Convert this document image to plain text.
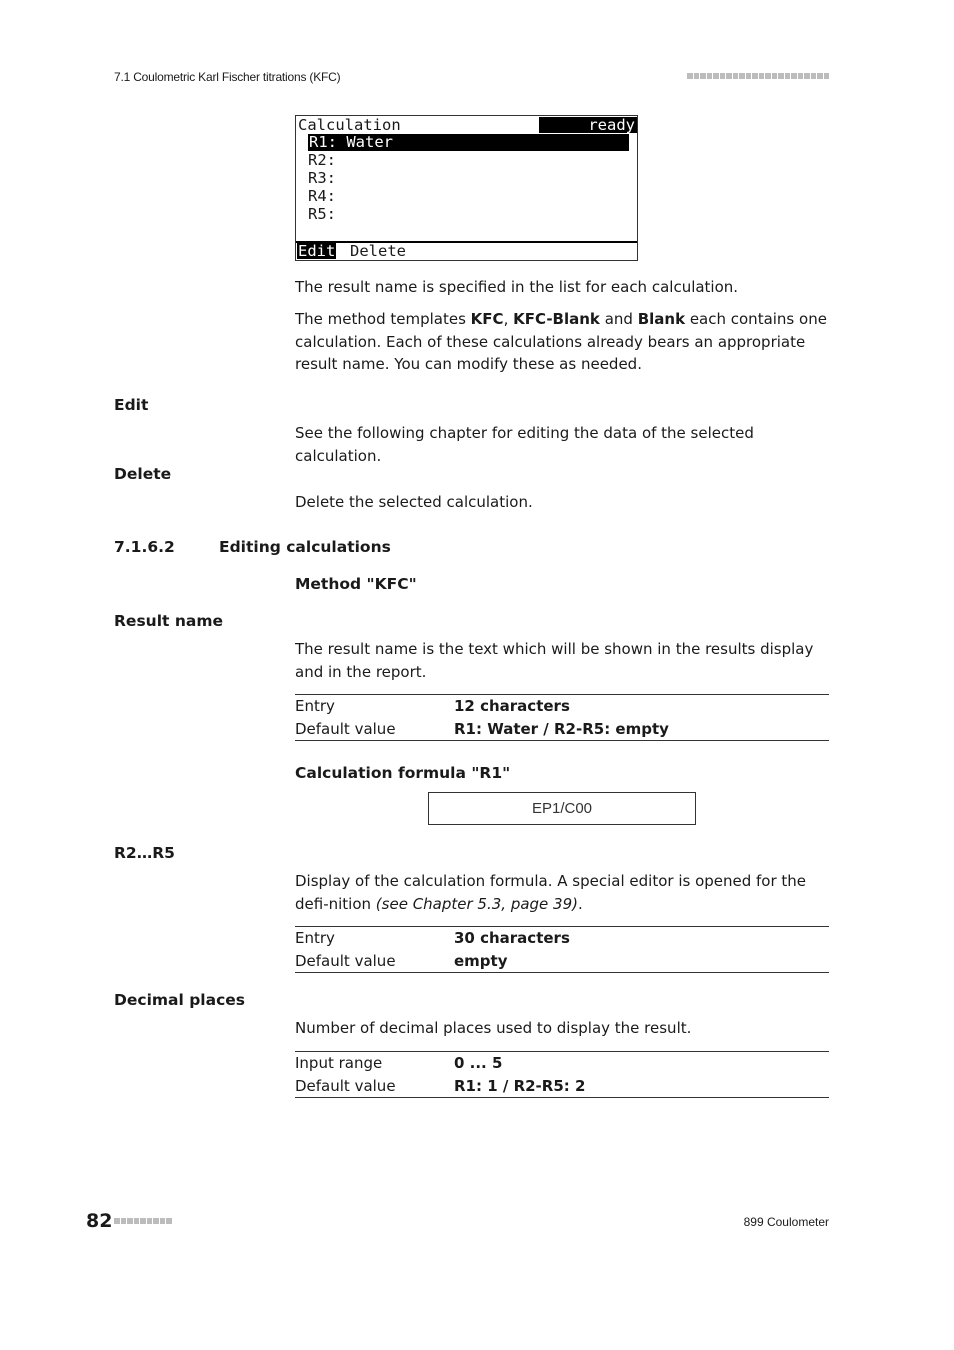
7.1 Coulometric Karl Fischer titrations (KFC)
Calculation	ready
R1: Water
R2:
R3:
R4:
R5:
Edit Delete
The result name is specified in the list for each calculation.
The method templates KFC, KFC-Blank and Blank each contains one calculation. Each of these calculations already bears an appropriate result name. You can modify these as needed.
Edit
See the following chapter for editing the data of the selected calculation.
Delete
Delete the selected calculation.
7.1.6.2	Editing calculations
Method "KFC"
Result name
The result name is the text which will be shown in the results display and in the report.
Entry	12 characters
Default value	R1: Water / R2-R5: empty
Calculation formula "R1"
EP1/C00
R2…R5
Display of the calculation formula. A special editor is opened for the defi-nition (see Chapter 5.3, page 39).
Entry	30 characters
Default value	empty
Decimal places
Number of decimal places used to display the result.
Input range	0 ... 5
Default value	R1: 1 / R2-R5: 2
82	899 Coulometer
